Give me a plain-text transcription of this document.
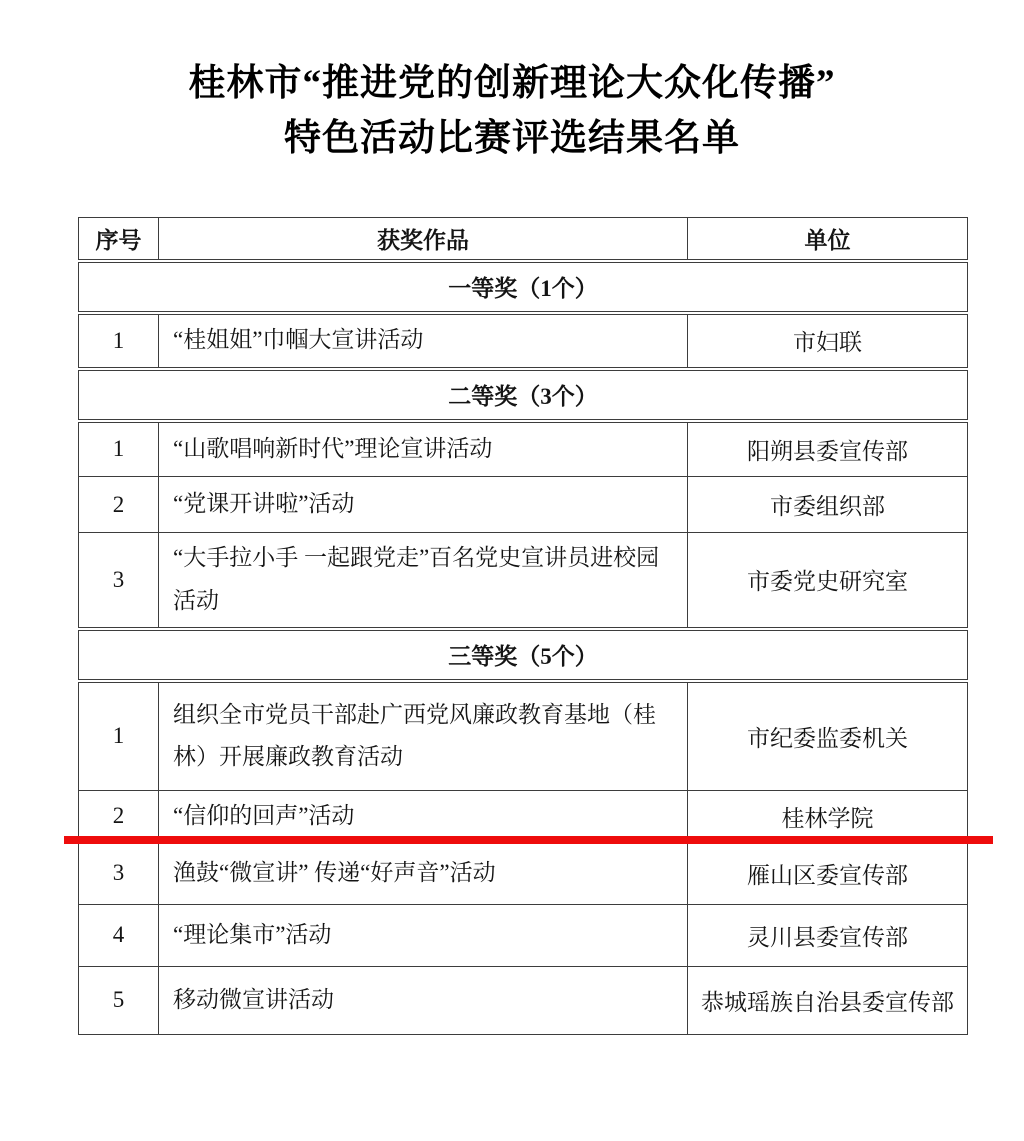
桂林市“推进党的创新理论大众化传播”
特色活动比赛评选结果名单
序号	获奖作品	单位
一等奖（1个）		
1	“桂姐姐”巾帼大宣讲活动	市妇联
二等奖（3个）		
1	“山歌唱响新时代”理论宣讲活动	阳朔县委宣传部
2	“党课开讲啦”活动	市委组织部
3	“大手拉小手 一起跟党走”百名党史宣讲员进校园活动	市委党史研究室
三等奖（5个）		
1	组织全市党员干部赴广西党风廉政教育基地（桂林）开展廉政教育活动	市纪委监委机关
2	“信仰的回声”活动	桂林学院
3	渔鼓“微宣讲” 传递“好声音”活动	雁山区委宣传部
4	“理论集市”活动	灵川县委宣传部
5	移动微宣讲活动	恭城瑶族自治县委宣传部
